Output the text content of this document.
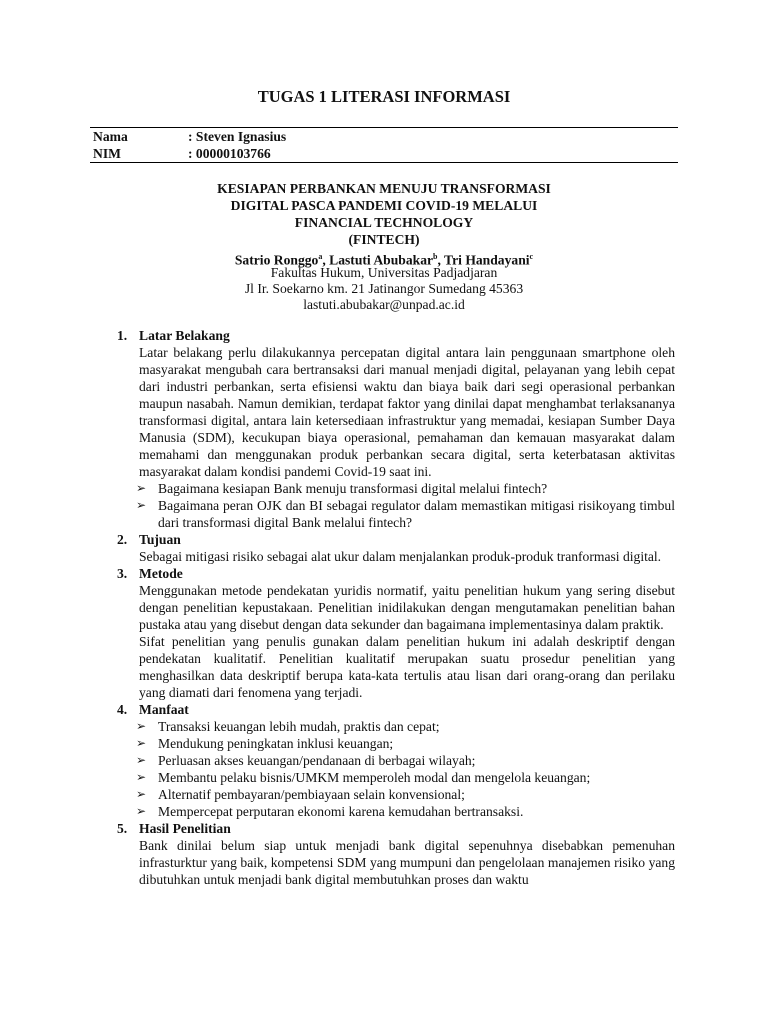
TUGAS 1 LITERASI INFORMASI
Nama	: Steven Ignasius
NIM	: 00000103766
KESIAPAN PERBANKAN MENUJU TRANSFORMASI
DIGITAL PASCA PANDEMI COVID-19 MELALUI
FINANCIAL TECHNOLOGY
(FINTECH)
Satrio Ronggo$^a$, Lastuti Abubakar$^b$, Tri Handayani$^c$
Fakultas Hukum, Universitas Padjadjaran
Jl Ir. Soekarno km. 21 Jatinangor Sumedang 45363
lastuti.abubakar@unpad.ac.id
1. Latar Belakang
Latar belakang perlu dilakukannya percepatan digital antara lain penggunaan smartphone oleh masyarakat mengubah cara bertransaksi dari manual menjadi digital, pelayanan yang lebih cepat dari industri perbankan, serta efisiensi waktu dan biaya baik dari segi operasional perbankan maupun nasabah. Namun demikian, terdapat faktor yang dinilai dapat menghambat terlaksananya transformasi digital, antara lain ketersediaan infrastruktur yang memadai, kesiapan Sumber Daya Manusia (SDM), kecukupan biaya operasional, pemahaman dan kemauan masyarakat dalam memahami dan menggunakan produk perbankan secara digital, serta keterbatasan aktivitas masyarakat dalam kondisi pandemi Covid-19 saat ini.
➢ Bagaimana kesiapan Bank menuju transformasi digital melalui fintech?
➢ Bagaimana peran OJK dan BI sebagai regulator dalam memastikan mitigasi risikoyang timbul dari transformasi digital Bank melalui fintech?
2. Tujuan
Sebagai mitigasi risiko sebagai alat ukur dalam menjalankan produk-produk tranformasi digital.
3. Metode
Menggunakan metode pendekatan yuridis normatif, yaitu penelitian hukum yang sering disebut dengan penelitian kepustakaan. Penelitian inidilakukan dengan mengutamakan penelitian bahan pustaka atau yang disebut dengan data sekunder dan bagaimana implementasinya dalam praktik.
Sifat penelitian yang penulis gunakan dalam penelitian hukum ini adalah deskriptif dengan pendekatan kualitatif. Penelitian kualitatif merupakan suatu prosedur penelitian yang menghasilkan data deskriptif berupa kata-kata tertulis atau lisan dari orang-orang dan perilaku yang diamati dari fenomena yang terjadi.
4. Manfaat
➢ Transaksi keuangan lebih mudah, praktis dan cepat;
➢ Mendukung peningkatan inklusi keuangan;
➢ Perluasan akses keuangan/pendanaan di berbagai wilayah;
➢ Membantu pelaku bisnis/UMKM memperoleh modal dan mengelola keuangan;
➢ Alternatif pembayaran/pembiayaan selain konvensional;
➢ Mempercepat perputaran ekonomi karena kemudahan bertransaksi.
5. Hasil Penelitian
Bank dinilai belum siap untuk menjadi bank digital sepenuhnya disebabkan pemenuhan infrasturktur yang baik, kompetensi SDM yang mumpuni dan pengelolaan manajemen risiko yang dibutuhkan untuk menjadi bank digital membutuhkan proses dan waktu
